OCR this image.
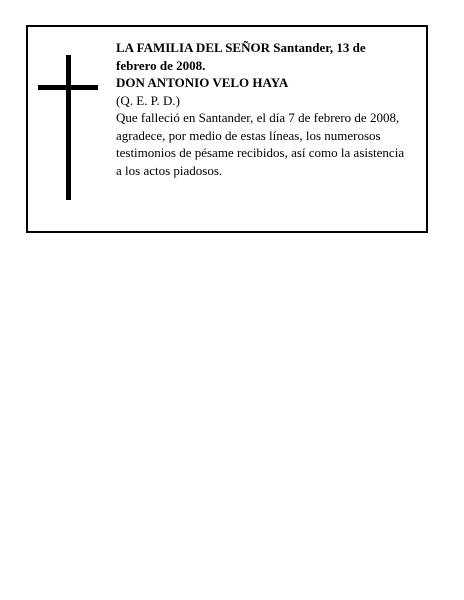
LA FAMILIA DEL SEÑOR Santander, 13 de
febrero de 2008.
DON ANTONIO VELO HAYA
(Q. E. P. D.)
Que falleció en Santander, el día 7 de febrero de 2008,
agradece, por medio de estas líneas, los numerosos
testimonios de pésame recibidos, así como la asistencia
a los actos piadosos.
